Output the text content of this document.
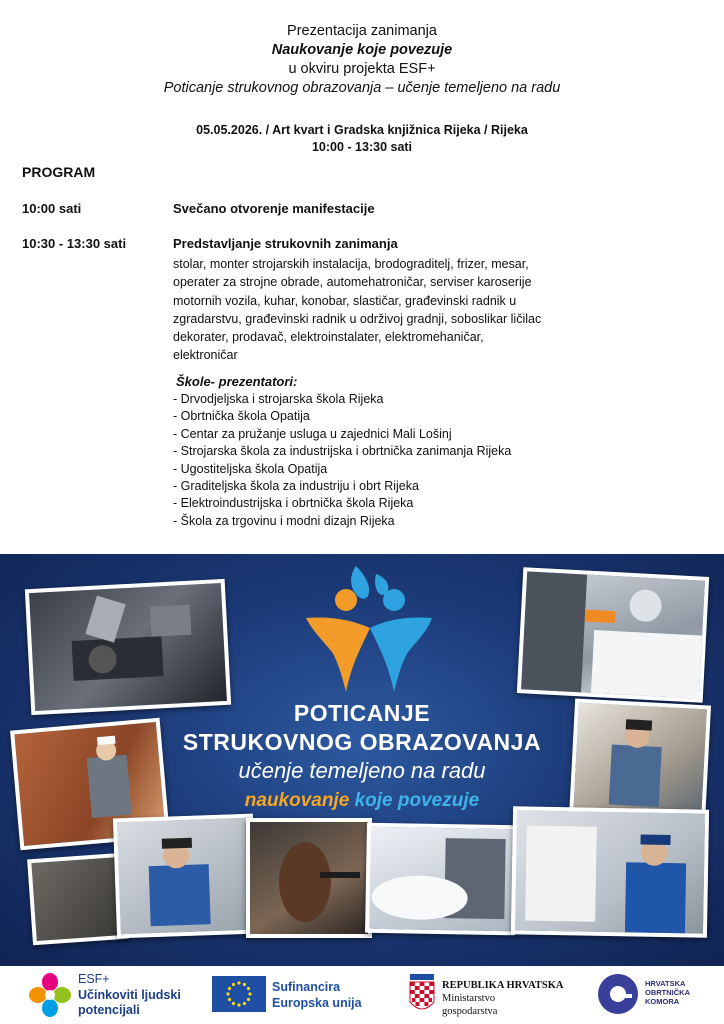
Prezentacija zanimanja
Naukovanje koje povezuje
u okviru projekta ESF+
Poticanje strukovnog obrazovanja – učenje temeljeno na radu
05.05.2026. / Art kvart i Gradska knjižnica Rijeka / Rijeka
10:00 - 13:30 sati
PROGRAM
10:00 sati	Svečano otvorenje manifestacije
10:30 - 13:30 sati	Predstavljanje strukovnih zanimanja
stolar, monter strojarskih instalacija, brodograditelj, frizer, mesar,
operater za strojne obrade, automehatroničar, serviser karoserije
motornih vozila, kuhar, konobar, slastičar, građevinski radnik u
zgradarstvu, građevinski radnik u održivoj gradnji, soboslikar ličilac
dekorater, prodavač, elektroinstalater, elektromehaničar,
elektroničar
Škole- prezentatori:
- Drvodjeljska i strojarska škola Rijeka
- Obrtnička škola Opatija
- Centar za pružanje usluga u zajednici Mali Lošinj
- Strojarska škola za industrijska i obrtnička zanimanja Rijeka
- Ugostiteljska škola Opatija
- Graditeljska škola za industriju i obrt Rijeka
- Elektroindustrijska i obrtnička škola Rijeka
- Škola za trgovinu i modni dizajn Rijeka
POTICANJE
STRUKOVNOG OBRAZOVANJA
učenje temeljeno na radu
naukovanje koje povezuje
ESF+
Učinkoviti ljudski
potencijali
Sufinancira
Europska unija
REPUBLIKA HRVATSKA
Ministarstvo
gospodarstva
HRVATSKA
OBRTNIČKA
KOMORA
